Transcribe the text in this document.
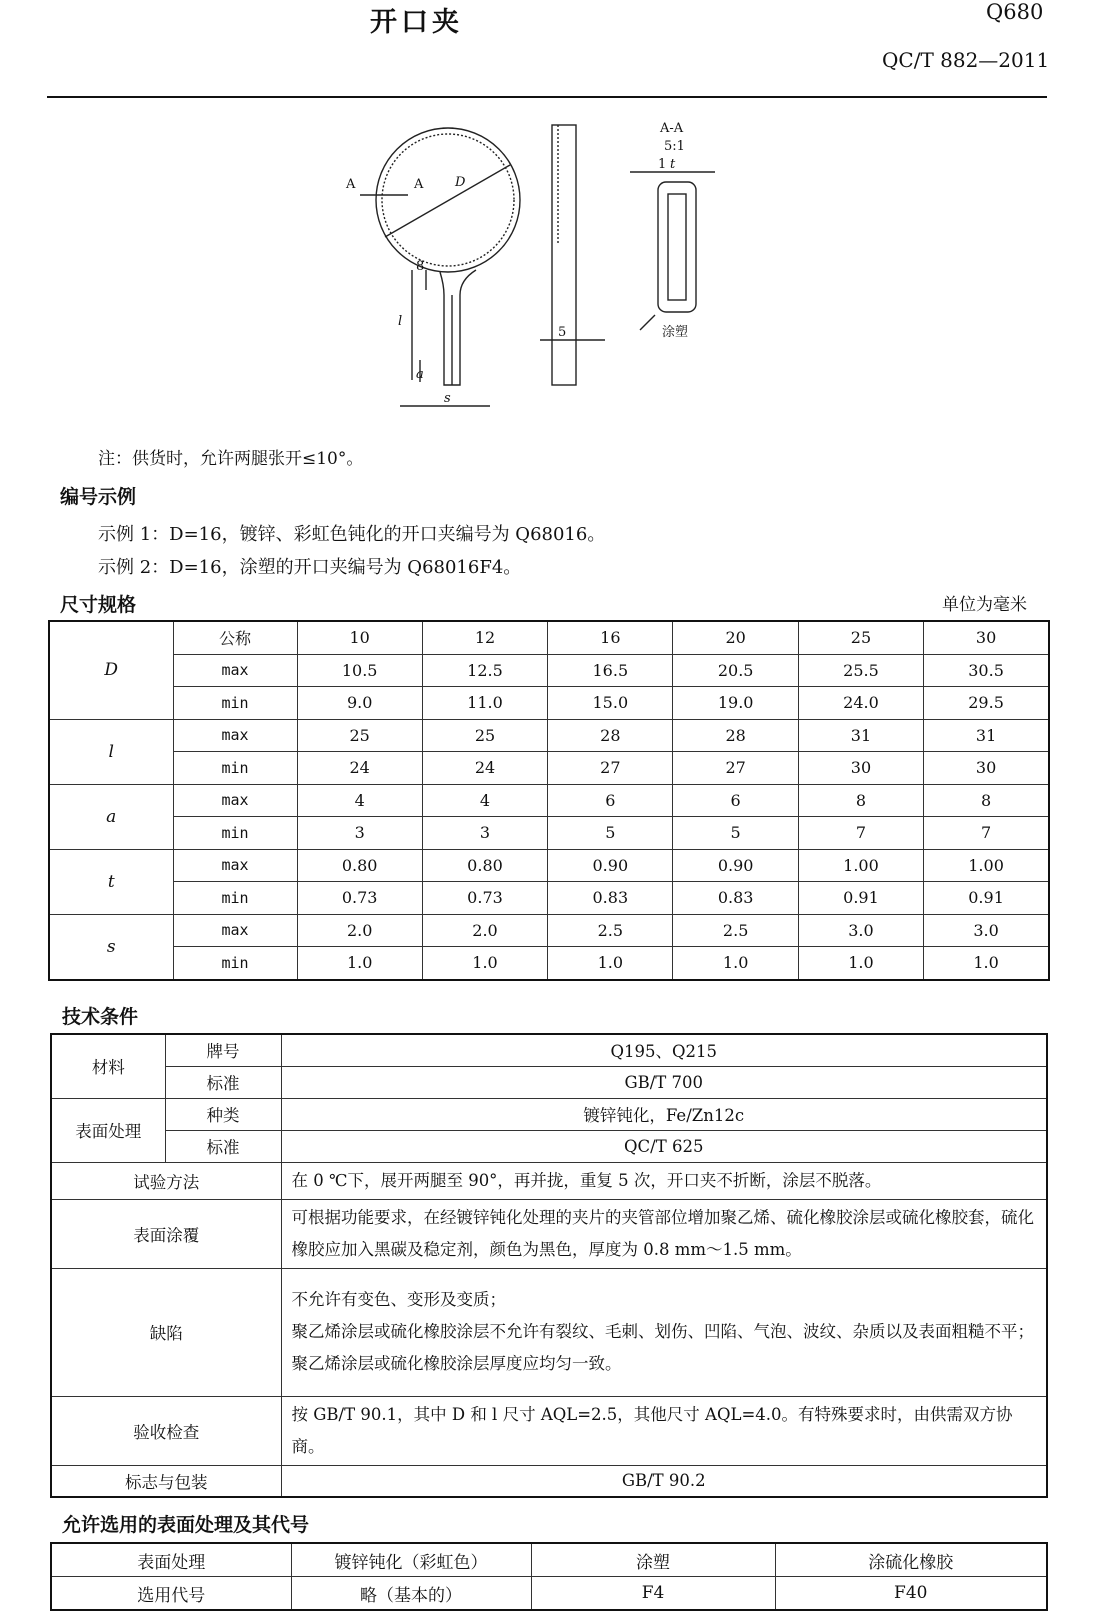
开口夹	Q680
QC/T 882—2011
A	A D
l
a
s
8
5
A-A
5:1
1 t
涂塑
注：供货时，允许两腿张开≤10°。
编号示例
示例 1：D=16，镀锌、彩虹色钝化的开口夹编号为 Q68016。
示例 2：D=16，涂塑的开口夹编号为 Q68016F4。
尺寸规格	单位为毫米
D	公称	10	12	16	20	25	30
	max	10.5	12.5	16.5	20.5	25.5	30.5
	min	9.0	11.0	15.0	19.0	24.0	29.5
l	max	25	25	28	28	31	31
	min	24	24	27	27	30	30
a	max	4	4	6	6	8	8
	min	3	3	5	5	7	7
t	max	0.80	0.80	0.90	0.90	1.00	1.00
	min	0.73	0.73	0.83	0.83	0.91	0.91
s	max	2.0	2.0	2.5	2.5	3.0	3.0
	min	1.0	1.0	1.0	1.0	1.0	1.0
技术条件
材料	牌号	Q195、Q215
	标准	GB/T 700
表面处理	种类	镀锌钝化，Fe/Zn12c
	标准	QC/T 625
试验方法		在 0 ℃下，展开两腿至 90°，再并拢，重复 5 次，开口夹不折断，涂层不脱落。
表面涂覆		可根据功能要求，在经镀锌钝化处理的夹片的夹管部位增加聚乙烯、硫化橡胶涂层或硫化橡胶套，硫化橡胶应加入黑碳及稳定剂，颜色为黑色，厚度为 0.8 mm～1.5 mm。
缺陷		不允许有变色、变形及变质；
聚乙烯涂层或硫化橡胶涂层不允许有裂纹、毛刺、划伤、凹陷、气泡、波纹、杂质以及表面粗糙不平；
聚乙烯涂层或硫化橡胶涂层厚度应均匀一致。

验收检查		按 GB/T 90.1，其中 D 和 l 尺寸 AQL=2.5，其他尺寸 AQL=4.0。有特殊要求时，由供需双方协商。
标志与包装		GB/T 90.2
允许选用的表面处理及其代号
表面处理	镀锌钝化（彩虹色）	涂塑	涂硫化橡胶
选用代号	略（基本的）	F4	F40
